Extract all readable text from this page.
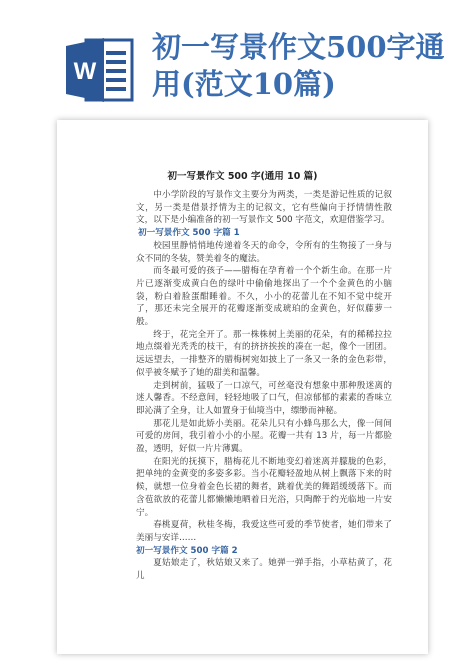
W
初一写景作文500字通用(范文10篇)
初一写景作文 500 字(通用 10 篇)

中小学阶段的写景作文主要分为两类，一类是游记性质的记叙文，另一类是借景抒情为主的记叙文，它有些偏向于抒情情性散文，以下是小编准备的初一写景作文 500 字范文，欢迎借鉴学习。

初一写景作文 500 字篇 1

校园里静悄悄地传递着冬天的命令，令所有的生物接了一身与众不同的冬装，赞美着冬的魔法。

而冬最可爱的孩子——腊梅在孕育着一个个新生命。在那一片片已逐渐变成黄白色的绿叶中偷偷地探出了一个个金黄色的小脑袋，粉白着脸蛋酣睡着。不久，小小的花蕾儿在不知不觉中绽开了，那还未完全展开的花瓣逐渐变成琥珀的金黄色，好似藤萝一般。

终于，花完全开了。那一株株树上美丽的花朵，有的稀稀拉拉地点缀着光秃秃的枝干，有的挤挤挨挨的凑在一起，像个一团团。远远望去，一排整齐的腊梅树宛如披上了一条又一条的金色彩带，似乎被冬赋予了她的甜美和温馨。

走到树前，猛吸了一口凉气，可丝毫没有想象中那种殷迷离的迷人馨香。不经意间，轻轻地吸了口气，但凉郁郁的素素的香味立即沁满了全身，让人如置身于仙境当中，缥缈而神秘。

那花儿是如此娇小美丽。花朵儿只有小蜂鸟那么大，像一间间可爱的房间，我引着小小的小屋。花瓣一共有 13 片，每一片都脸盈，透明，好似一片片薄翼。

在阳光的抚摸下，腊梅花儿不断地变幻着迷离并朦胧的色彩，把单纯的金黄变的多姿多彩。当小花瓣轻盈地从树上飘落下来的时候，就想一位身着金色长裙的舞者，跳着优美的舞蹈缓缓落下。而含苞欲放的花蕾儿都懒懒地晒着日光浴，只陶醉于约光临地一片安宁。

春桃夏荷，秋桂冬梅，我爱这些可爱的季节使者，她们带来了美丽与安详……

初一写景作文 500 字篇 2

夏姑娘走了，秋姑娘又来了。她弹一弹手指，小草枯黄了，花儿
